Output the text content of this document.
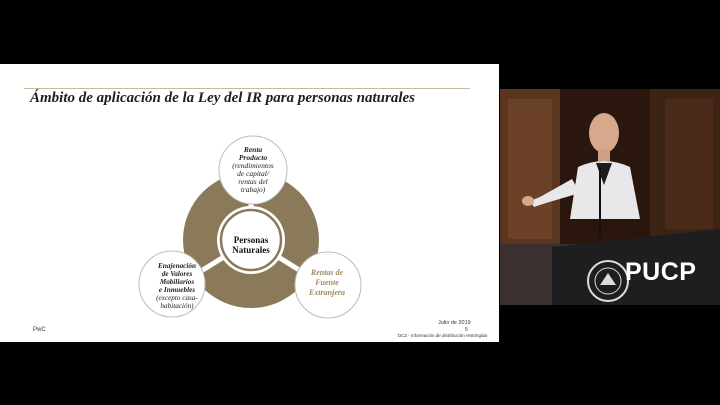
Ámbito de aplicación de la Ley del IR para personas naturales
Renta
Producto
(rendimientos
de capital/
rentas del
trabajo)
Personas
Naturales
Enajenación
de Valores
Mobiliarios
e Inmuebles
(excepto casa-
habitación)
Rentas de
Fuente
Extranjera
PwC
Julio de 2019
5
DC2 - Información de distribución restringida
PUCP
